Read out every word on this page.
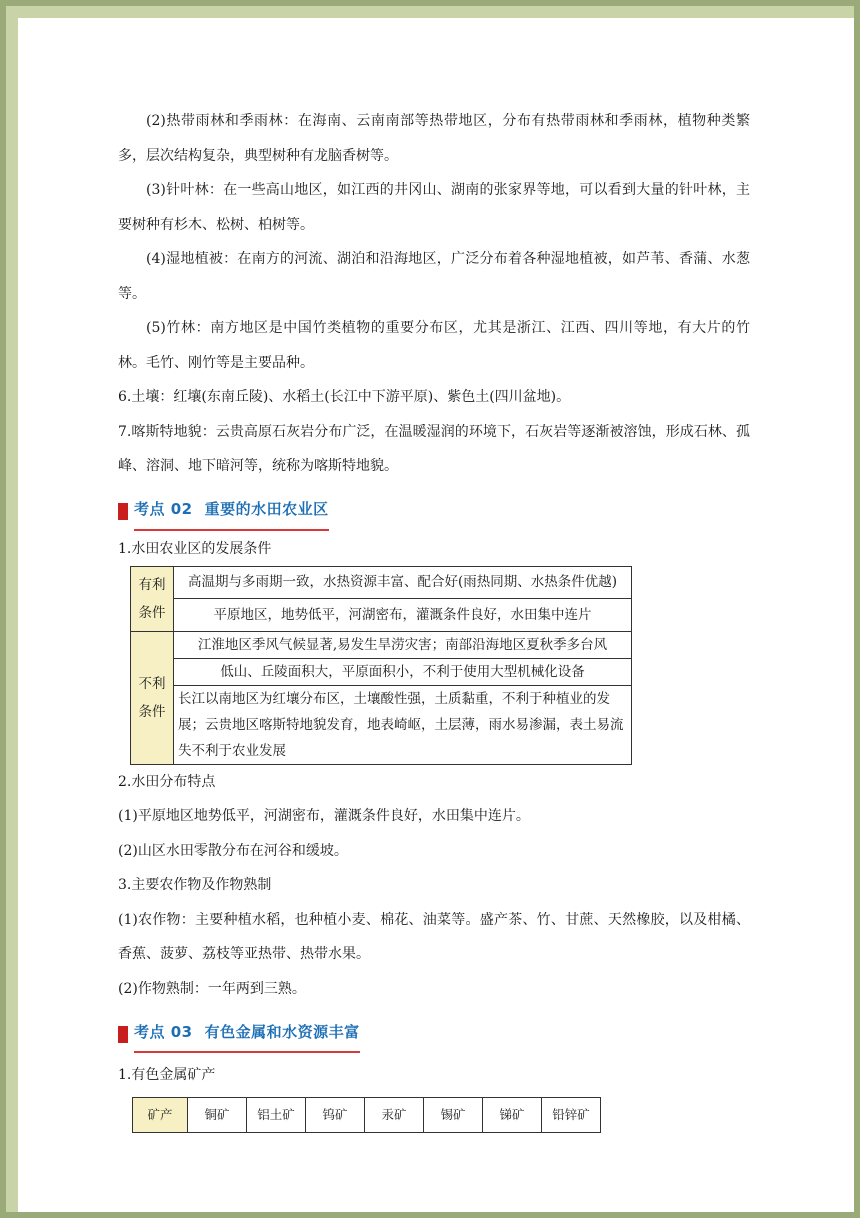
(2)热带雨林和季雨林：在海南、云南南部等热带地区，分布有热带雨林和季雨林，植物种类繁多，层次结构复杂，典型树种有龙脑香树等。

(3)针叶林：在一些高山地区，如江西的井冈山、湖南的张家界等地，可以看到大量的针叶林，主要树种有杉木、松树、柏树等。

(4)湿地植被：在南方的河流、湖泊和沿海地区，广泛分布着各种湿地植被，如芦苇、香蒲、水葱等。

(5)竹林：南方地区是中国竹类植物的重要分布区，尤其是浙江、江西、四川等地，有大片的竹林。毛竹、刚竹等是主要品种。

6.土壤：红壤(东南丘陵)、水稻土(长江中下游平原)、紫色土(四川盆地)。

7.喀斯特地貌：云贵高原石灰岩分布广泛，在温暖湿润的环境下，石灰岩等逐渐被溶蚀，形成石林、孤峰、溶洞、地下暗河等，统称为喀斯特地貌。

考点 02 重要的水田农业区

1.水田农业区的发展条件

有利条件	高温期与多雨期一致，水热资源丰富、配合好(雨热同期、水热条件优越)
	平原地区，地势低平，河湖密布，灌溉条件良好，水田集中连片
不利条件	江淮地区季风气候显著,易发生旱涝灾害；南部沿海地区夏秋季多台风
	低山、丘陵面积大，平原面积小，不利于使用大型机械化设备
	长江以南地区为红壤分布区，土壤酸性强，土质黏重，不利于种植业的发展；云贵地区喀斯特地貌发育，地表崎岖，土层薄，雨水易渗漏，表土易流失不利于农业发展

2.水田分布特点

(1)平原地区地势低平，河湖密布，灌溉条件良好，水田集中连片。

(2)山区水田零散分布在河谷和缓坡。

3.主要农作物及作物熟制

(1)农作物：主要种植水稻，也种植小麦、棉花、油菜等。盛产茶、竹、甘蔗、天然橡胶，以及柑橘、香蕉、菠萝、荔枝等亚热带、热带水果。

(2)作物熟制：一年两到三熟。

考点 03 有色金属和水资源丰富

1.有色金属矿产

矿产	铜矿	铝土矿	钨矿	汞矿	锡矿	锑矿	铅锌矿
